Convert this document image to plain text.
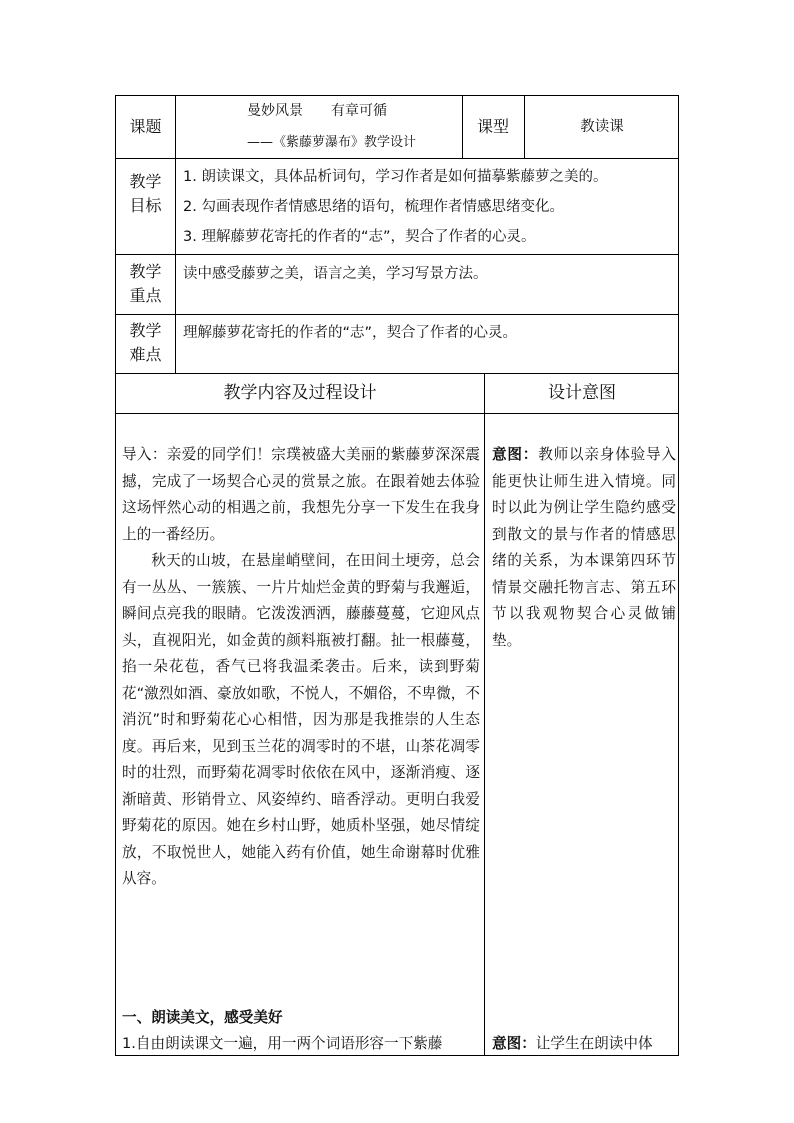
课题
曼妙风景　　有章可循
——《紫藤萝瀑布》教学设计
课型	教读课
教学
目标
1. 朗读课文，具体品析词句，学习作者是如何描摹紫藤萝之美的。
2. 勾画表现作者情感思绪的语句，梳理作者情感思绪变化。
3. 理解藤萝花寄托的作者的“志”，契合了作者的心灵。
教学
重点
读中感受藤萝之美，语言之美，学习写景方法。
教学
难点
理解藤萝花寄托的作者的“志”，契合了作者的心灵。
教学内容及过程设计	设计意图

导入：亲爱的同学们！宗璞被盛大美丽的紫藤萝深深震撼，完成了一场契合心灵的赏景之旅。在跟着她去体验这场怦然心动的相遇之前，我想先分享一下发生在我身上的一番经历。

秋天的山坡，在悬崖峭壁间，在田间土埂旁，总会有一丛丛、一簇簇、一片片灿烂金黄的野菊与我邂逅，瞬间点亮我的眼睛。它泼泼洒洒，藤藤蔓蔓，它迎风点头，直视阳光，如金黄的颜料瓶被打翻。扯一根藤蔓，掐一朵花苞，香气已将我温柔袭击。后来，读到野菊花“激烈如酒、豪放如歌，不悦人，不媚俗，不卑微，不消沉”时和野菊花心心相惜，因为那是我推崇的人生态度。再后来，见到玉兰花的凋零时的不堪，山茶花凋零时的壮烈，而野菊花凋零时依依在风中，逐渐消瘦、逐渐暗黄、形销骨立、风姿绰约、暗香浮动。更明白我爱野菊花的原因。她在乡村山野，她质朴坚强，她尽情绽放，不取悦世人，她能入药有价值，她生命谢幕时优雅从容。

一、朗读美文，感受美好
1.自由朗读课文一遍，用一两个词语形容一下紫藤
意图：教师以亲身体验导入能更快让师生进入情境。同时以此为例让学生隐约感受到散文的景与作者的情感思绪的关系，为本课第四环节情景交融托物言志、第五环节以我观物契合心灵做铺垫。
意图：让学生在朗读中体
